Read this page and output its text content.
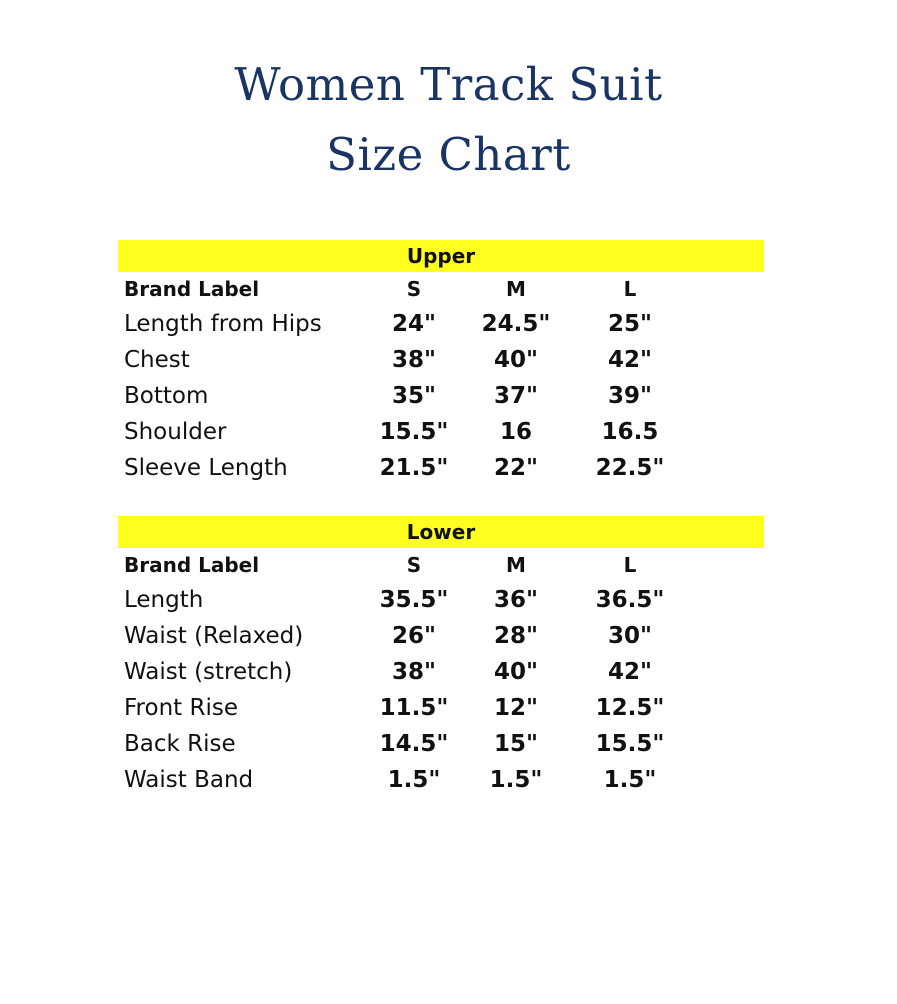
Women Track Suit
Size Chart
Upper
Brand Label	S	M	L
Length from Hips	24"	24.5"	25"
Chest	38"	40"	42"
Bottom	35"	37"	39"
Shoulder	15.5"	16	16.5
Sleeve Length	21.5"	22"	22.5"
Lower
Brand Label	S	M	L
Length	35.5"	36"	36.5"
Waist (Relaxed)	26"	28"	30"
Waist (stretch)	38"	40"	42"
Front Rise	11.5"	12"	12.5"
Back Rise	14.5"	15"	15.5"
Waist Band	1.5"	1.5"	1.5"
